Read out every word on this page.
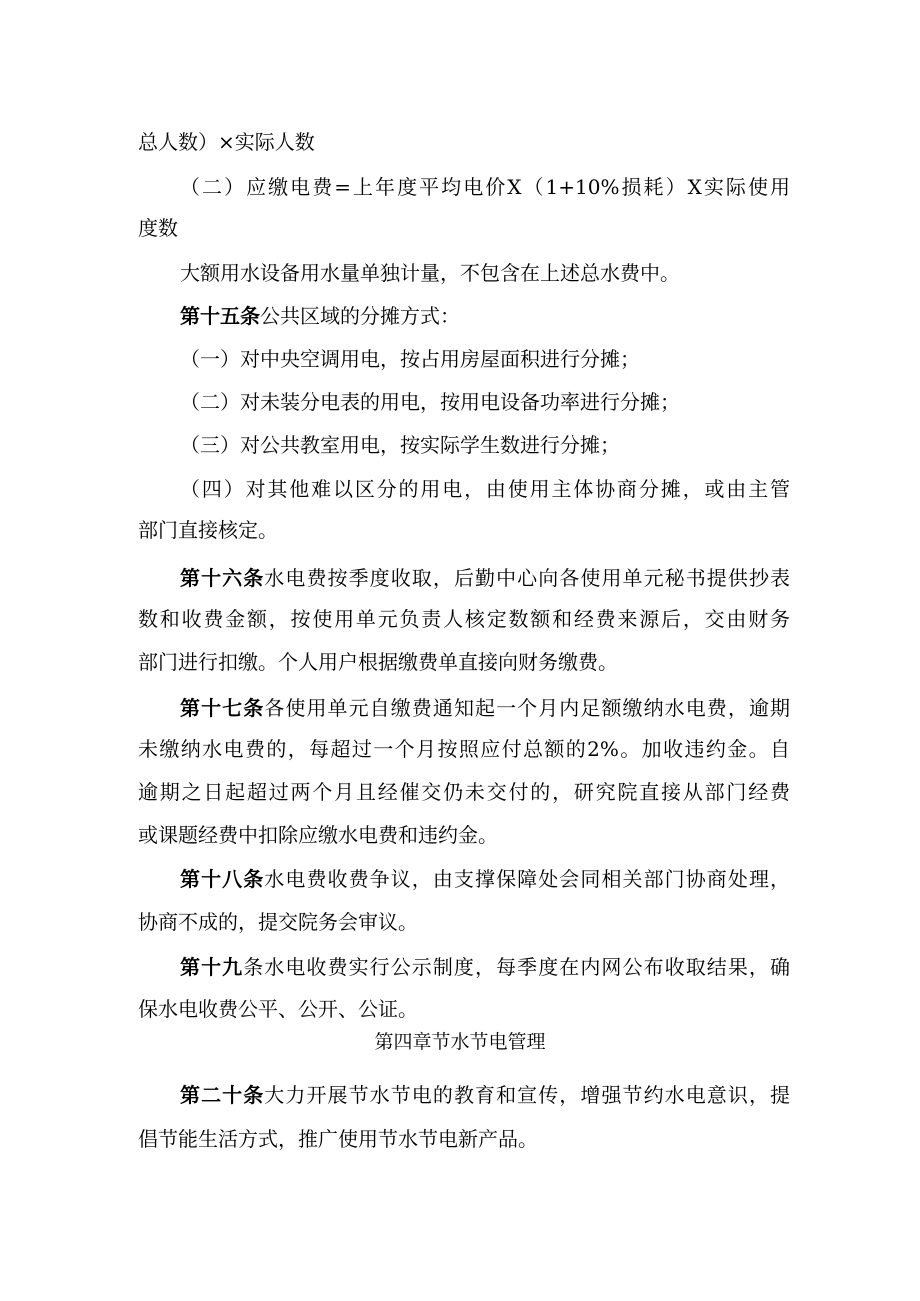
总人数）×实际人数
（二）应缴电费=上年度平均电价X（1+10%损耗）X实际使用
度数
大额用水设备用水量单独计量，不包含在上述总水费中。
第十五条公共区域的分摊方式：
（一）对中央空调用电，按占用房屋面积进行分摊；
（二）对未装分电表的用电，按用电设备功率进行分摊；
（三）对公共教室用电，按实际学生数进行分摊；
（四）对其他难以区分的用电，由使用主体协商分摊，或由主管
部门直接核定。
第十六条水电费按季度收取，后勤中心向各使用单元秘书提供抄表
数和收费金额，按使用单元负责人核定数额和经费来源后，交由财务
部门进行扣缴。个人用户根据缴费单直接向财务缴费。
第十七条各使用单元自缴费通知起一个月内足额缴纳水电费，逾期
未缴纳水电费的，每超过一个月按照应付总额的2%。加收违约金。自
逾期之日起超过两个月且经催交仍未交付的，研究院直接从部门经费
或课题经费中扣除应缴水电费和违约金。
第十八条水电费收费争议，由支撑保障处会同相关部门协商处理，
协商不成的，提交院务会审议。
第十九条水电收费实行公示制度，每季度在内网公布收取结果，确
保水电收费公平、公开、公证。
第四章节水节电管理
第二十条大力开展节水节电的教育和宣传，增强节约水电意识，提
倡节能生活方式，推广使用节水节电新产品。
